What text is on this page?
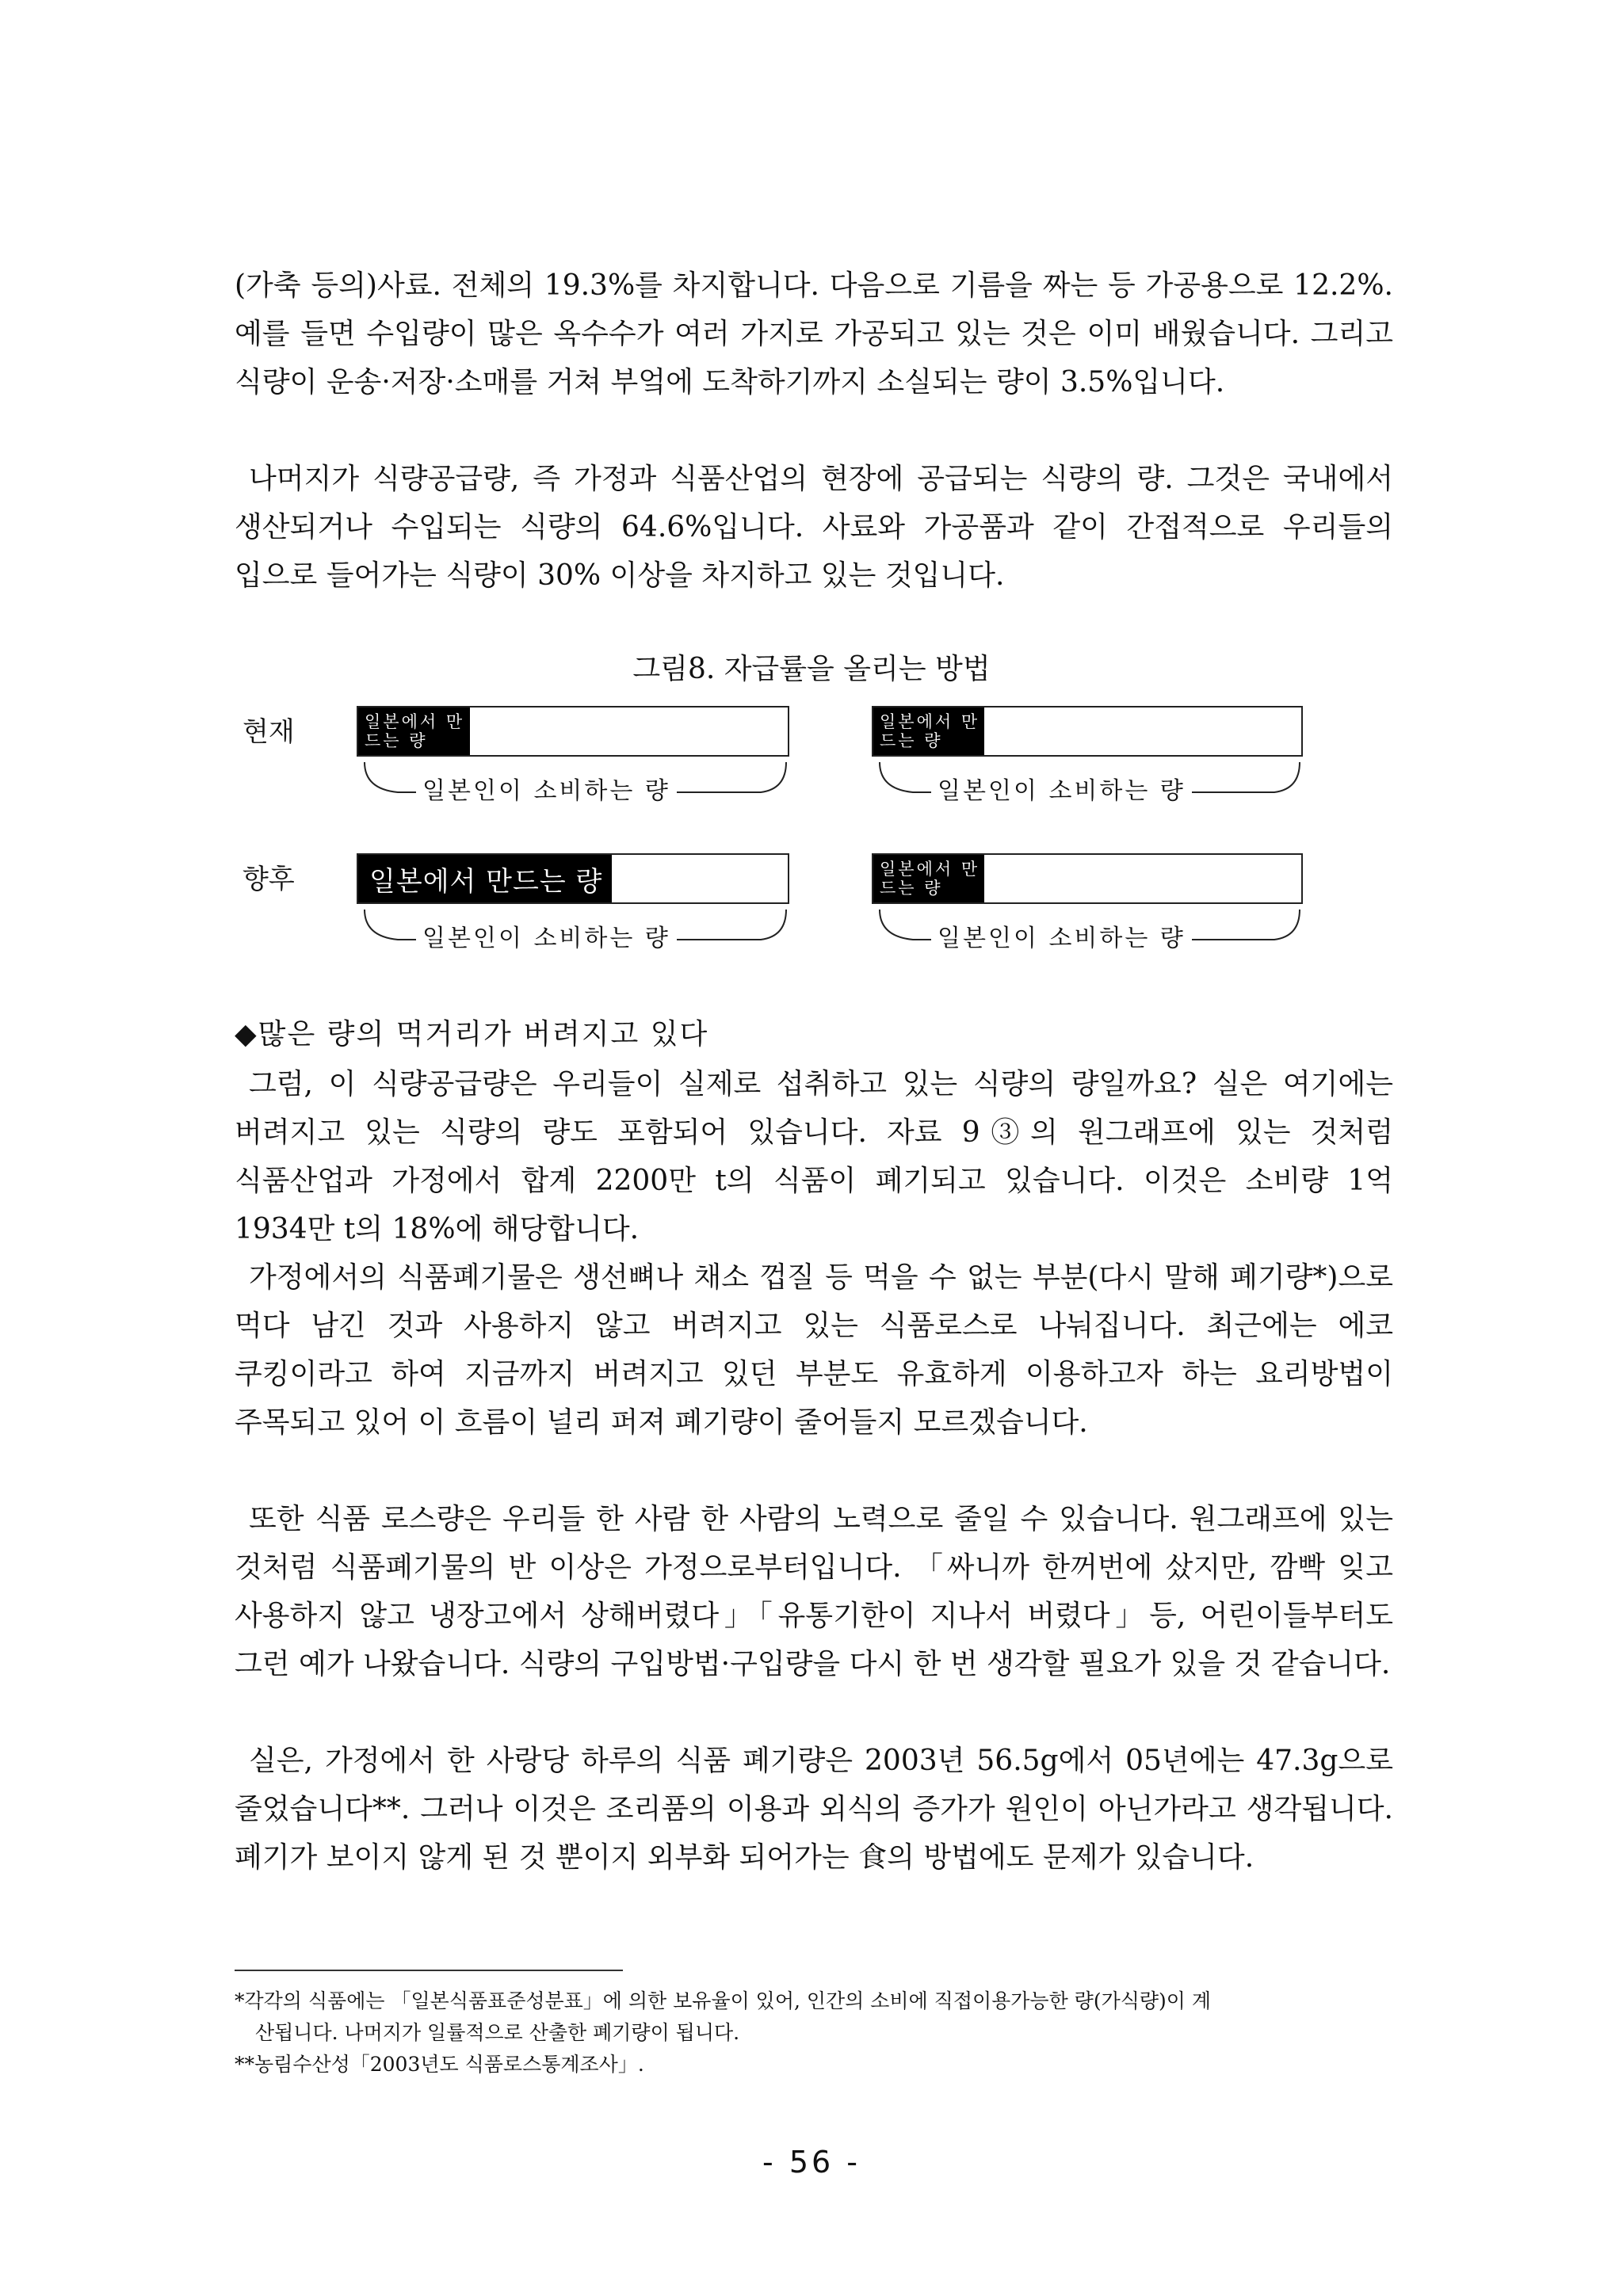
(가축 등의)사료. 전체의 19.3%를 차지합니다. 다음으로 기름을 짜는 등 가공용으로 12.2%. 예를 들면 수입량이 많은 옥수수가 여러 가지로 가공되고 있는 것은 이미 배웠습니다. 그리고 식량이 운송·저장·소매를 거쳐 부엌에 도착하기까지 소실되는 량이 3.5%입니다.

나머지가 식량공급량, 즉 가정과 식품산업의 현장에 공급되는 식량의 량. 그것은 국내에서 생산되거나 수입되는 식량의 64.6%입니다. 사료와 가공품과 같이 간접적으로 우리들의 입으로 들어가는 식량이 30% 이상을 차지하고 있는 것입니다.

그림8. 자급률을 올리는 방법
현재	일본에서 만드는 량
일본인이 소비하는 량
일본에서 만드는 량
일본인이 소비하는 량
향후	일본에서 만드는 량
일본인이 소비하는 량
일본에서 만드는 량
일본인이 소비하는 량
◆많은 량의 먹거리가 버려지고 있다

그럼, 이 식량공급량은 우리들이 실제로 섭취하고 있는 식량의 량일까요? 실은 여기에는 버려지고 있는 식량의 량도 포함되어 있습니다. 자료 9③의 원그래프에 있는 것처럼 식품산업과 가정에서 합계 2200만 t의 식품이 폐기되고 있습니다. 이것은 소비량 1억 1934만 t의 18%에 해당합니다.

가정에서의 식품폐기물은 생선뼈나 채소 껍질 등 먹을 수 없는 부분(다시 말해 폐기량*)으로 먹다 남긴 것과 사용하지 않고 버려지고 있는 식품로스로 나눠집니다. 최근에는 에코 쿠킹이라고 하여 지금까지 버려지고 있던 부분도 유효하게 이용하고자 하는 요리방법이 주목되고 있어 이 흐름이 널리 퍼져 폐기량이 줄어들지 모르겠습니다.

또한 식품 로스량은 우리들 한 사람 한 사람의 노력으로 줄일 수 있습니다. 원그래프에 있는 것처럼 식품폐기물의 반 이상은 가정으로부터입니다. 「싸니까 한꺼번에 샀지만, 깜빡 잊고 사용하지 않고 냉장고에서 상해버렸다」「유통기한이 지나서 버렸다」등, 어린이들부터도 그런 예가 나왔습니다. 식량의 구입방법·구입량을 다시 한 번 생각할 필요가 있을 것 같습니다.

실은, 가정에서 한 사랑당 하루의 식품 폐기량은 2003년 56.5g에서 05년에는 47.3g으로 줄었습니다**. 그러나 이것은 조리품의 이용과 외식의 증가가 원인이 아닌가라고 생각됩니다. 폐기가 보이지 않게 된 것 뿐이지 외부화 되어가는 食의 방법에도 문제가 있습니다.

*각각의 식품에는 「일본식품표준성분표」에 의한 보유율이 있어, 인간의 소비에 직접이용가능한 량(가식량)이 계

산됩니다. 나머지가 일률적으로 산출한 폐기량이 됩니다.

**농림수산성「2003년도 식품로스통계조사」.

- 56 -
